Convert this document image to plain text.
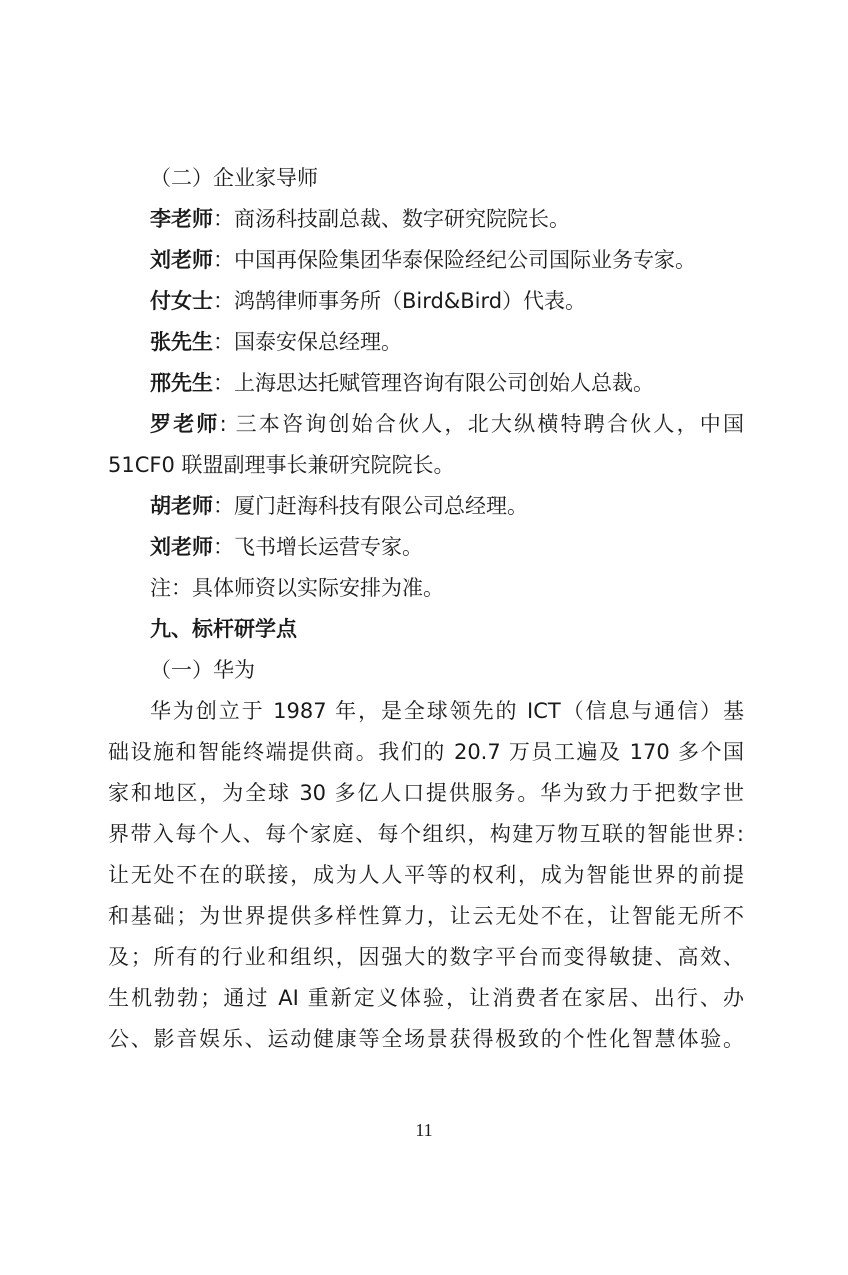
（二）企业家导师
李老师：商汤科技副总裁、数字研究院院长。
刘老师：中国再保险集团华泰保险经纪公司国际业务专家。
付女士：鸿鹄律师事务所（Bird&Bird）代表。
张先生：国泰安保总经理。
邢先生：上海思达托赋管理咨询有限公司创始人总裁。
罗老师: 三本咨询创始合伙人，北大纵横特聘合伙人，中国
51CF0 联盟副理事长兼研究院院长。
胡老师：厦门赶海科技有限公司总经理。
刘老师：飞书增长运营专家。
注：具体师资以实际安排为准。
九、标杆研学点
（一）华为
华为创立于 1987 年，是全球领先的 ICT（信息与通信）基
础设施和智能终端提供商。我们的 20.7 万员工遍及 170 多个国
家和地区，为全球 30 多亿人口提供服务。华为致力于把数字世
界带入每个人、每个家庭、每个组织，构建万物互联的智能世界:
让无处不在的联接，成为人人平等的权利，成为智能世界的前提
和基础；为世界提供多样性算力，让云无处不在，让智能无所不
及；所有的行业和组织，因强大的数字平台而变得敏捷、高效、
生机勃勃；通过 AI 重新定义体验，让消费者在家居、出行、办
公、影音娱乐、运动健康等全场景获得极致的个性化智慧体验。
11
